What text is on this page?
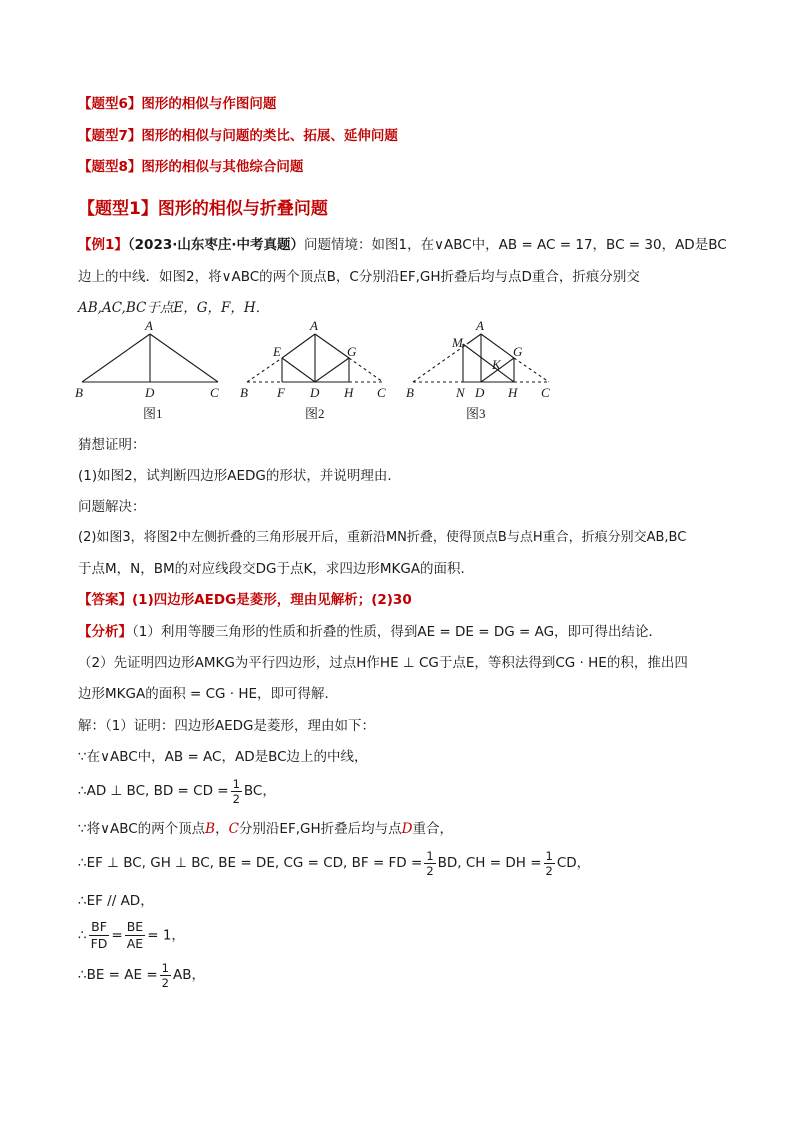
【题型6】图形的相似与作图问题
【题型7】图形的相似与问题的类比、拓展、延伸问题
【题型8】图形的相似与其他综合问题
【题型1】图形的相似与折叠问题
【例1】（2023·山东枣庄·中考真题）问题情境：如图1，在∨ABC中，AB = AC = 17，BC = 30，AD是BC
边上的中线．如图2，将∨ABC的两个顶点B，C分别沿EF,GH折叠后均与点D重合，折痕分别交
AB,AC,BC于点E，G，F，H．
A
B	D	C
图1
A
E	G
B F D H C
图2
A
M
G
K
B	N D H C
图3
猜想证明：
(1)如图2，试判断四边形AEDG的形状，并说明理由．
问题解决：
(2)如图3，将图2中左侧折叠的三角形展开后，重新沿MN折叠，使得顶点B与点H重合，折痕分别交AB,BC
于点M，N，BM的对应线段交DG于点K，求四边形MKGA的面积．
【答案】(1)四边形AEDG是菱形，理由见解析；(2)30
【分析】（1）利用等腰三角形的性质和折叠的性质，得到AE = DE = DG = AG，即可得出结论．
（2）先证明四边形AMKG为平行四边形，过点H作HE ⊥ CG于点E，等积法得到CG · HE的积，推出四
边形MKGA的面积 = CG · HE，即可得解．
解：（1）证明：四边形AEDG是菱形，理由如下：
∵在∨ABC中，AB = AC，AD是BC边上的中线，
∴AD ⊥ BC, BD = CD = $\frac{1}{2}$ BC，
∵将∨ABC的两个顶点B，C分别沿EF,GH折叠后均与点D重合，
∴EF ⊥ BC, GH ⊥ BC, BE = DE, CG = CD, BF = FD = $\frac{1}{2}$ BD, CH = DH = $\frac{1}{2}$ CD，
∴EF // AD，
∴ $\frac{BF}{FD} = \frac{BE}{AE} = 1$，
∴BE = AE = $\frac{1}{2}$ AB，
